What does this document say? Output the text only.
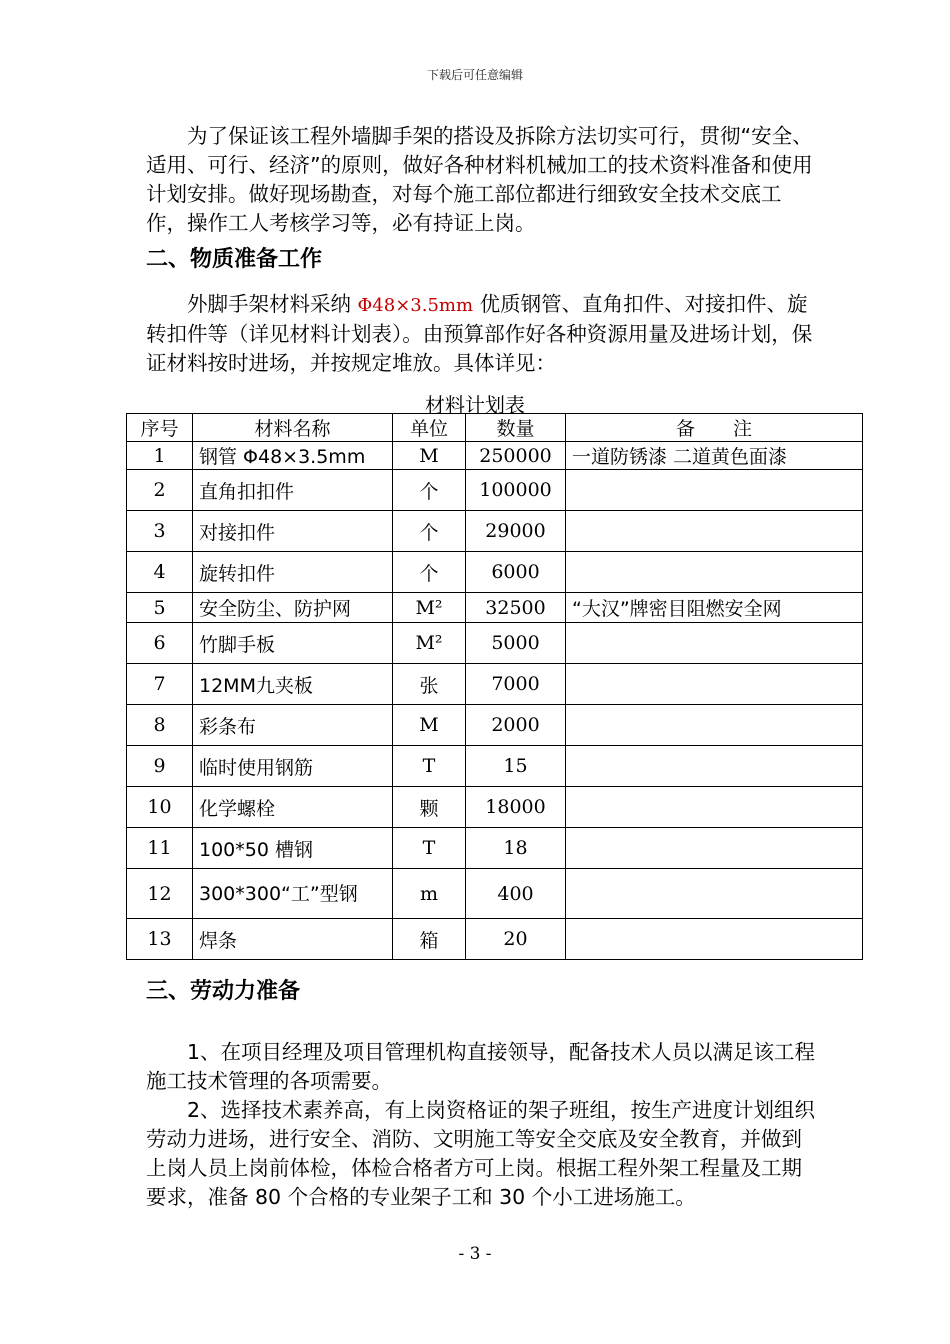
下载后可任意编辑
为了保证该工程外墙脚手架的搭设及拆除方法切实可行，贯彻“安全、适用、可行、经济”的原则，做好各种材料机械加工的技术资料准备和使用计划安排。做好现场勘查，对每个施工部位都进行细致安全技术交底工作，操作工人考核学习等，必有持证上岗。
二、物质准备工作
外脚手架材料采纳 Φ48×3.5mm 优质钢管、直角扣件、对接扣件、旋转扣件等（详见材料计划表）。由预算部作好各种资源用量及进场计划，保证材料按时进场，并按规定堆放。具体详见：
材料计划表
序号	材料名称	单位	数量	备　　注
1	钢管 Φ48×3.5mm	M	250000	一道防锈漆 二道黄色面漆
2	直角扣扣件	个	100000	
3	对接扣件	个	29000	
4	旋转扣件	个	6000	
5	安全防尘、防护网	M²	32500	“大汉”牌密目阻燃安全网
6	竹脚手板	M²	5000	
7	12MM九夹板	张	7000	
8	彩条布	M	2000	
9	临时使用钢筋	T	15	
10	化学螺栓	颗	18000	
11	100*50 槽钢	T	18	
12	300*300“工”型钢	m	400	
13	焊条	箱	20	
三、劳动力准备
1、在项目经理及项目管理机构直接领导，配备技术人员以满足该工程施工技术管理的各项需要。
2、选择技术素养高，有上岗资格证的架子班组，按生产进度计划组织劳动力进场，进行安全、消防、文明施工等安全交底及安全教育，并做到上岗人员上岗前体检，体检合格者方可上岗。根据工程外架工程量及工期要求，准备 80 个合格的专业架子工和 30 个小工进场施工。
- 3 -
